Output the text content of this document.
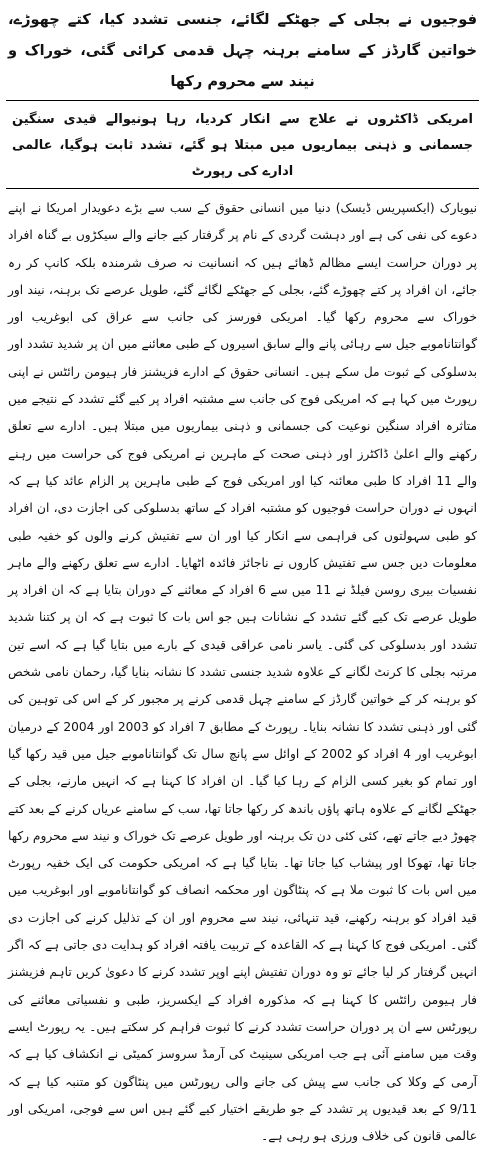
فوجیوں نے بجلی کے جھٹکے لگائے، جنسی تشدد کیا، کتے چھوڑے، خواتین گارڈز کے سامنے برہنہ چہل قدمی کرائی گئی، خوراک و نیند سے محروم رکھا
امریکی ڈاکٹروں نے علاج سے انکار کردیا، رہا ہونیوالے قیدی سنگین جسمانی و ذہنی بیماریوں میں مبتلا ہو گئے، تشدد ثابت ہوگیا، عالمی ادارے کی رپورٹ

نیویارک (ایکسپریس ڈیسک) دنیا میں انسانی حقوق کے سب سے بڑے دعویدار امریکا نے اپنے دعوے کی نفی کی ہے اور دہشت گردی کے نام پر گرفتار کیے جانے والے سیکڑوں بے گناہ افراد پر دوران حراست ایسے مظالم ڈھائے ہیں کہ انسانیت نہ صرف شرمندہ بلکہ کانپ کر رہ جائے، ان افراد پر کتے چھوڑے گئے، بجلی کے جھٹکے لگائے گئے، طویل عرصے تک برہنہ، نیند اور خوراک سے محروم رکھا گیا۔ امریکی فورسز کی جانب سے عراق کی ابوغریب اور گوانتاناموبے جیل سے رہائی پانے والے سابق اسیروں کے طبی معائنے میں ان پر شدید تشدد اور بدسلوکی کے ثبوت مل سکے ہیں۔ انسانی حقوق کے ادارے فزیشنز فار ہیومن رائٹس نے اپنی رپورٹ میں کہا ہے کہ امریکی فوج کی جانب سے مشتبہ افراد پر کیے گئے تشدد کے نتیجے میں متاثرہ افراد سنگین نوعیت کی جسمانی و ذہنی بیماریوں میں مبتلا ہیں۔ ادارے سے تعلق رکھنے والے اعلیٰ ڈاکٹرز اور ذہنی صحت کے ماہرین نے امریکی فوج کی حراست میں رہنے والے 11 افراد کا طبی معائنہ کیا اور امریکی فوج کے طبی ماہرین پر الزام عائد کیا ہے کہ انہوں نے دوران حراست فوجیوں کو مشتبہ افراد کے ساتھ بدسلوکی کی اجازت دی، ان افراد کو طبی سہولتوں کی فراہمی سے انکار کیا اور ان سے تفتیش کرنے والوں کو خفیہ طبی معلومات دیں جس سے تفتیش کاروں نے ناجائز فائدہ اٹھایا۔ ادارے سے تعلق رکھنے والے ماہر نفسیات بیری روسن فیلڈ نے 11 میں سے 6 افراد کے معائنے کے دوران بتایا ہے کہ ان افراد پر طویل عرصے تک کیے گئے تشدد کے نشانات ہیں جو اس بات کا ثبوت ہے کہ ان پر کتنا شدید تشدد اور بدسلوکی کی گئی۔ یاسر نامی عراقی قیدی کے بارے میں بتایا گیا ہے کہ اسے تین مرتبہ بجلی کا کرنٹ لگانے کے علاوہ شدید جنسی تشدد کا نشانہ بنایا گیا، رحمان نامی شخص کو برہنہ کر کے خواتین گارڈز کے سامنے چہل قدمی کرنے پر مجبور کر کے اس کی توہین کی گئی اور ذہنی تشدد کا نشانہ بنایا۔ رپورٹ کے مطابق 7 افراد کو 2003 اور 2004 کے درمیان ابوغریب اور 4 افراد کو 2002 کے اوائل سے پانچ سال تک گوانتاناموبے جیل میں قید رکھا گیا اور تمام کو بغیر کسی الزام کے رہا کیا گیا۔ ان افراد کا کہنا ہے کہ انہیں مارنے، بجلی کے جھٹکے لگانے کے علاوہ ہاتھ پاؤں باندھ کر رکھا جاتا تھا، سب کے سامنے عریاں کرنے کے بعد کتے چھوڑ دیے جاتے تھے، کئی کئی دن تک برہنہ اور طویل عرصے تک خوراک و نیند سے محروم رکھا جاتا تھا، تھوکا اور پیشاب کیا جاتا تھا۔ بتایا گیا ہے کہ امریکی حکومت کی ایک خفیہ رپورٹ میں اس بات کا ثبوت ملا ہے کہ پنٹاگون اور محکمہ انصاف کو گوانتاناموبے اور ابوغریب میں قید افراد کو برہنہ رکھنے، قید تنہائی، نیند سے محروم اور ان کے تذلیل کرنے کی اجازت دی گئی۔ امریکی فوج کا کہنا ہے کہ القاعدہ کے تربیت یافتہ افراد کو ہدایت دی جاتی ہے کہ اگر انہیں گرفتار کر لیا جائے تو وہ دوران تفتیش اپنے اوپر تشدد کرنے کا دعویٰ کریں تاہم فزیشنز فار ہیومن رائٹس کا کہنا ہے کہ مذکورہ افراد کے ایکسریز، طبی و نفسیاتی معائنے کی رپورٹس سے ان پر دوران حراست تشدد کرنے کا ثبوت فراہم کر سکتے ہیں۔ یہ رپورٹ ایسے وقت میں سامنے آئی ہے جب امریکی سینیٹ کی آرمڈ سروسز کمیٹی نے انکشاف کیا ہے کہ آرمی کے وکلا کی جانب سے پیش کی جانے والی رپورٹس میں پنٹاگون کو متنبہ کیا ہے کہ 9/11 کے بعد قیدیوں پر تشدد کے جو طریقے اختیار کیے گئے ہیں اس سے فوجی، امریکی اور عالمی قانون کی خلاف ورزی ہو رہی ہے۔
